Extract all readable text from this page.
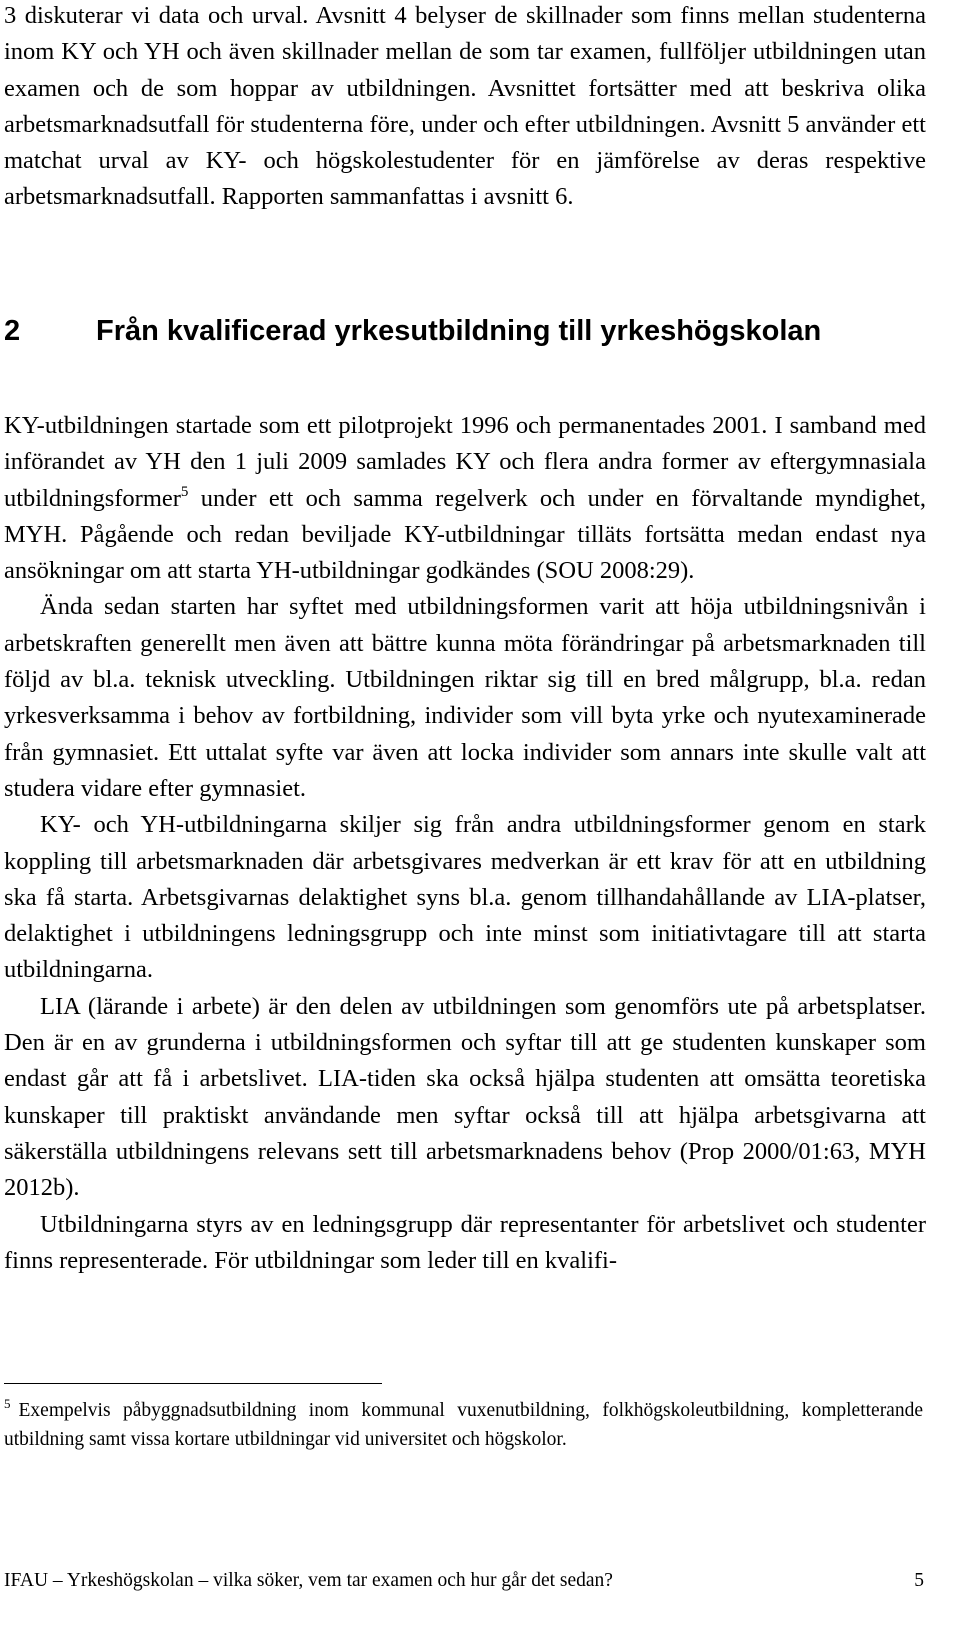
3 diskuterar vi data och urval. Avsnitt 4 belyser de skillnader som finns mellan studenterna inom KY och YH och även skillnader mellan de som tar examen, fullföljer utbildningen utan examen och de som hoppar av utbildningen. Avsnittet fortsätter med att beskriva olika arbetsmarknadsutfall för studenterna före, under och efter utbildningen. Avsnitt 5 använder ett matchat urval av KY- och högskolestudenter för en jämförelse av deras respektive arbetsmarknadsutfall. Rapporten sammanfattas i avsnitt 6.

2	Från kvalificerad yrkesutbildning till yrkeshögskolan

KY-utbildningen startade som ett pilotprojekt 1996 och permanentades 2001. I samband med införandet av YH den 1 juli 2009 samlades KY och flera andra former av eftergymnasiala utbildningsformer$^5$ under ett och samma regelverk och under en förvaltande myndighet, MYH. Pågående och redan beviljade KY-utbildningar tilläts fortsätta medan endast nya ansökningar om att starta YH-utbildningar godkändes (SOU 2008:29).

Ända sedan starten har syftet med utbildningsformen varit att höja utbildningsnivån i arbetskraften generellt men även att bättre kunna möta förändringar på arbetsmarknaden till följd av bl.a. teknisk utveckling. Utbildningen riktar sig till en bred målgrupp, bl.a. redan yrkesverksamma i behov av fortbildning, individer som vill byta yrke och nyutexaminerade från gymnasiet. Ett uttalat syfte var även att locka individer som annars inte skulle valt att studera vidare efter gymnasiet.

KY- och YH-utbildningarna skiljer sig från andra utbildningsformer genom en stark koppling till arbetsmarknaden där arbetsgivares medverkan är ett krav för att en utbildning ska få starta. Arbetsgivarnas delaktighet syns bl.a. genom tillhandahållande av LIA-platser, delaktighet i utbildningens ledningsgrupp och inte minst som initiativtagare till att starta utbildningarna.

LIA (lärande i arbete) är den delen av utbildningen som genomförs ute på arbetsplatser. Den är en av grunderna i utbildningsformen och syftar till att ge studenten kunskaper som endast går att få i arbetslivet. LIA-tiden ska också hjälpa studenten att omsätta teoretiska kunskaper till praktiskt användande men syftar också till att hjälpa arbetsgivarna att säkerställa utbildningens relevans sett till arbetsmarknadens behov (Prop 2000/01:63, MYH 2012b).

Utbildningarna styrs av en ledningsgrupp där representanter för arbetslivet och studenter finns representerade. För utbildningar som leder till en kvalifi-

$^5$ Exempelvis påbyggnadsutbildning inom kommunal vuxenutbildning, folkhögskoleutbildning, kompletterande utbildning samt vissa kortare utbildningar vid universitet och högskolor.

IFAU – Yrkeshögskolan – vilka söker, vem tar examen och hur går det sedan?	5
